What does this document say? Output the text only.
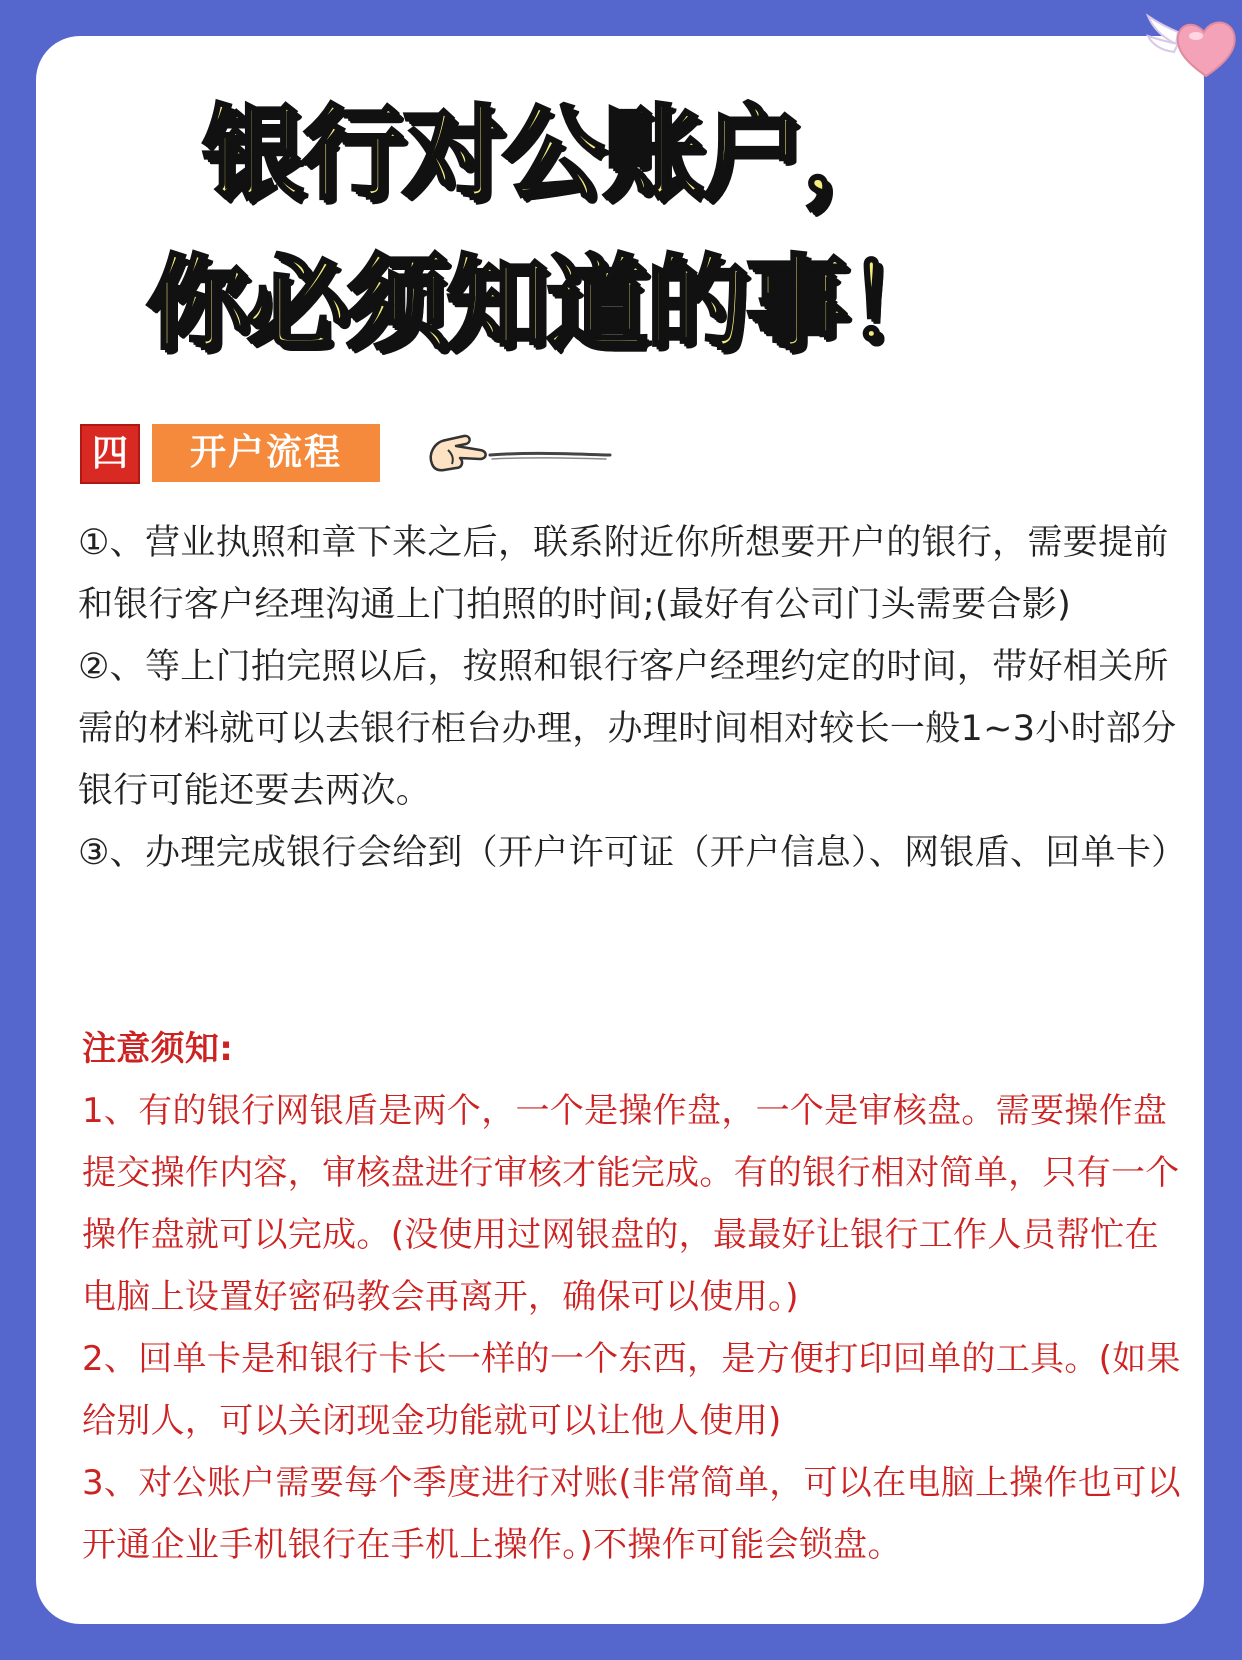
银行对公账户，
你必须知道的事！
四	开户流程

①、营业执照和章下来之后，联系附近你所想要开户的银行，需要提前和银行客户经理沟通上门拍照的时间;(最好有公司门头需要合影)

②、等上门拍完照以后，按照和银行客户经理约定的时间，带好相关所需的材料就可以去银行柜台办理，办理时间相对较长一般1~3小时部分银行可能还要去两次。

③、办理完成银行会给到（开户许可证（开户信息）、网银盾、回单卡）

注意须知:

1、有的银行网银盾是两个，一个是操作盘，一个是审核盘。需要操作盘提交操作内容，审核盘进行审核才能完成。有的银行相对简单，只有一个操作盘就可以完成。(没使用过网银盘的，最最好让银行工作人员帮忙在电脑上设置好密码教会再离开，确保可以使用。)

2、回单卡是和银行卡长一样的一个东西，是方便打印回单的工具。(如果给别人，可以关闭现金功能就可以让他人使用)

3、对公账户需要每个季度进行对账(非常简单，可以在电脑上操作也可以开通企业手机银行在手机上操作。)不操作可能会锁盘。
